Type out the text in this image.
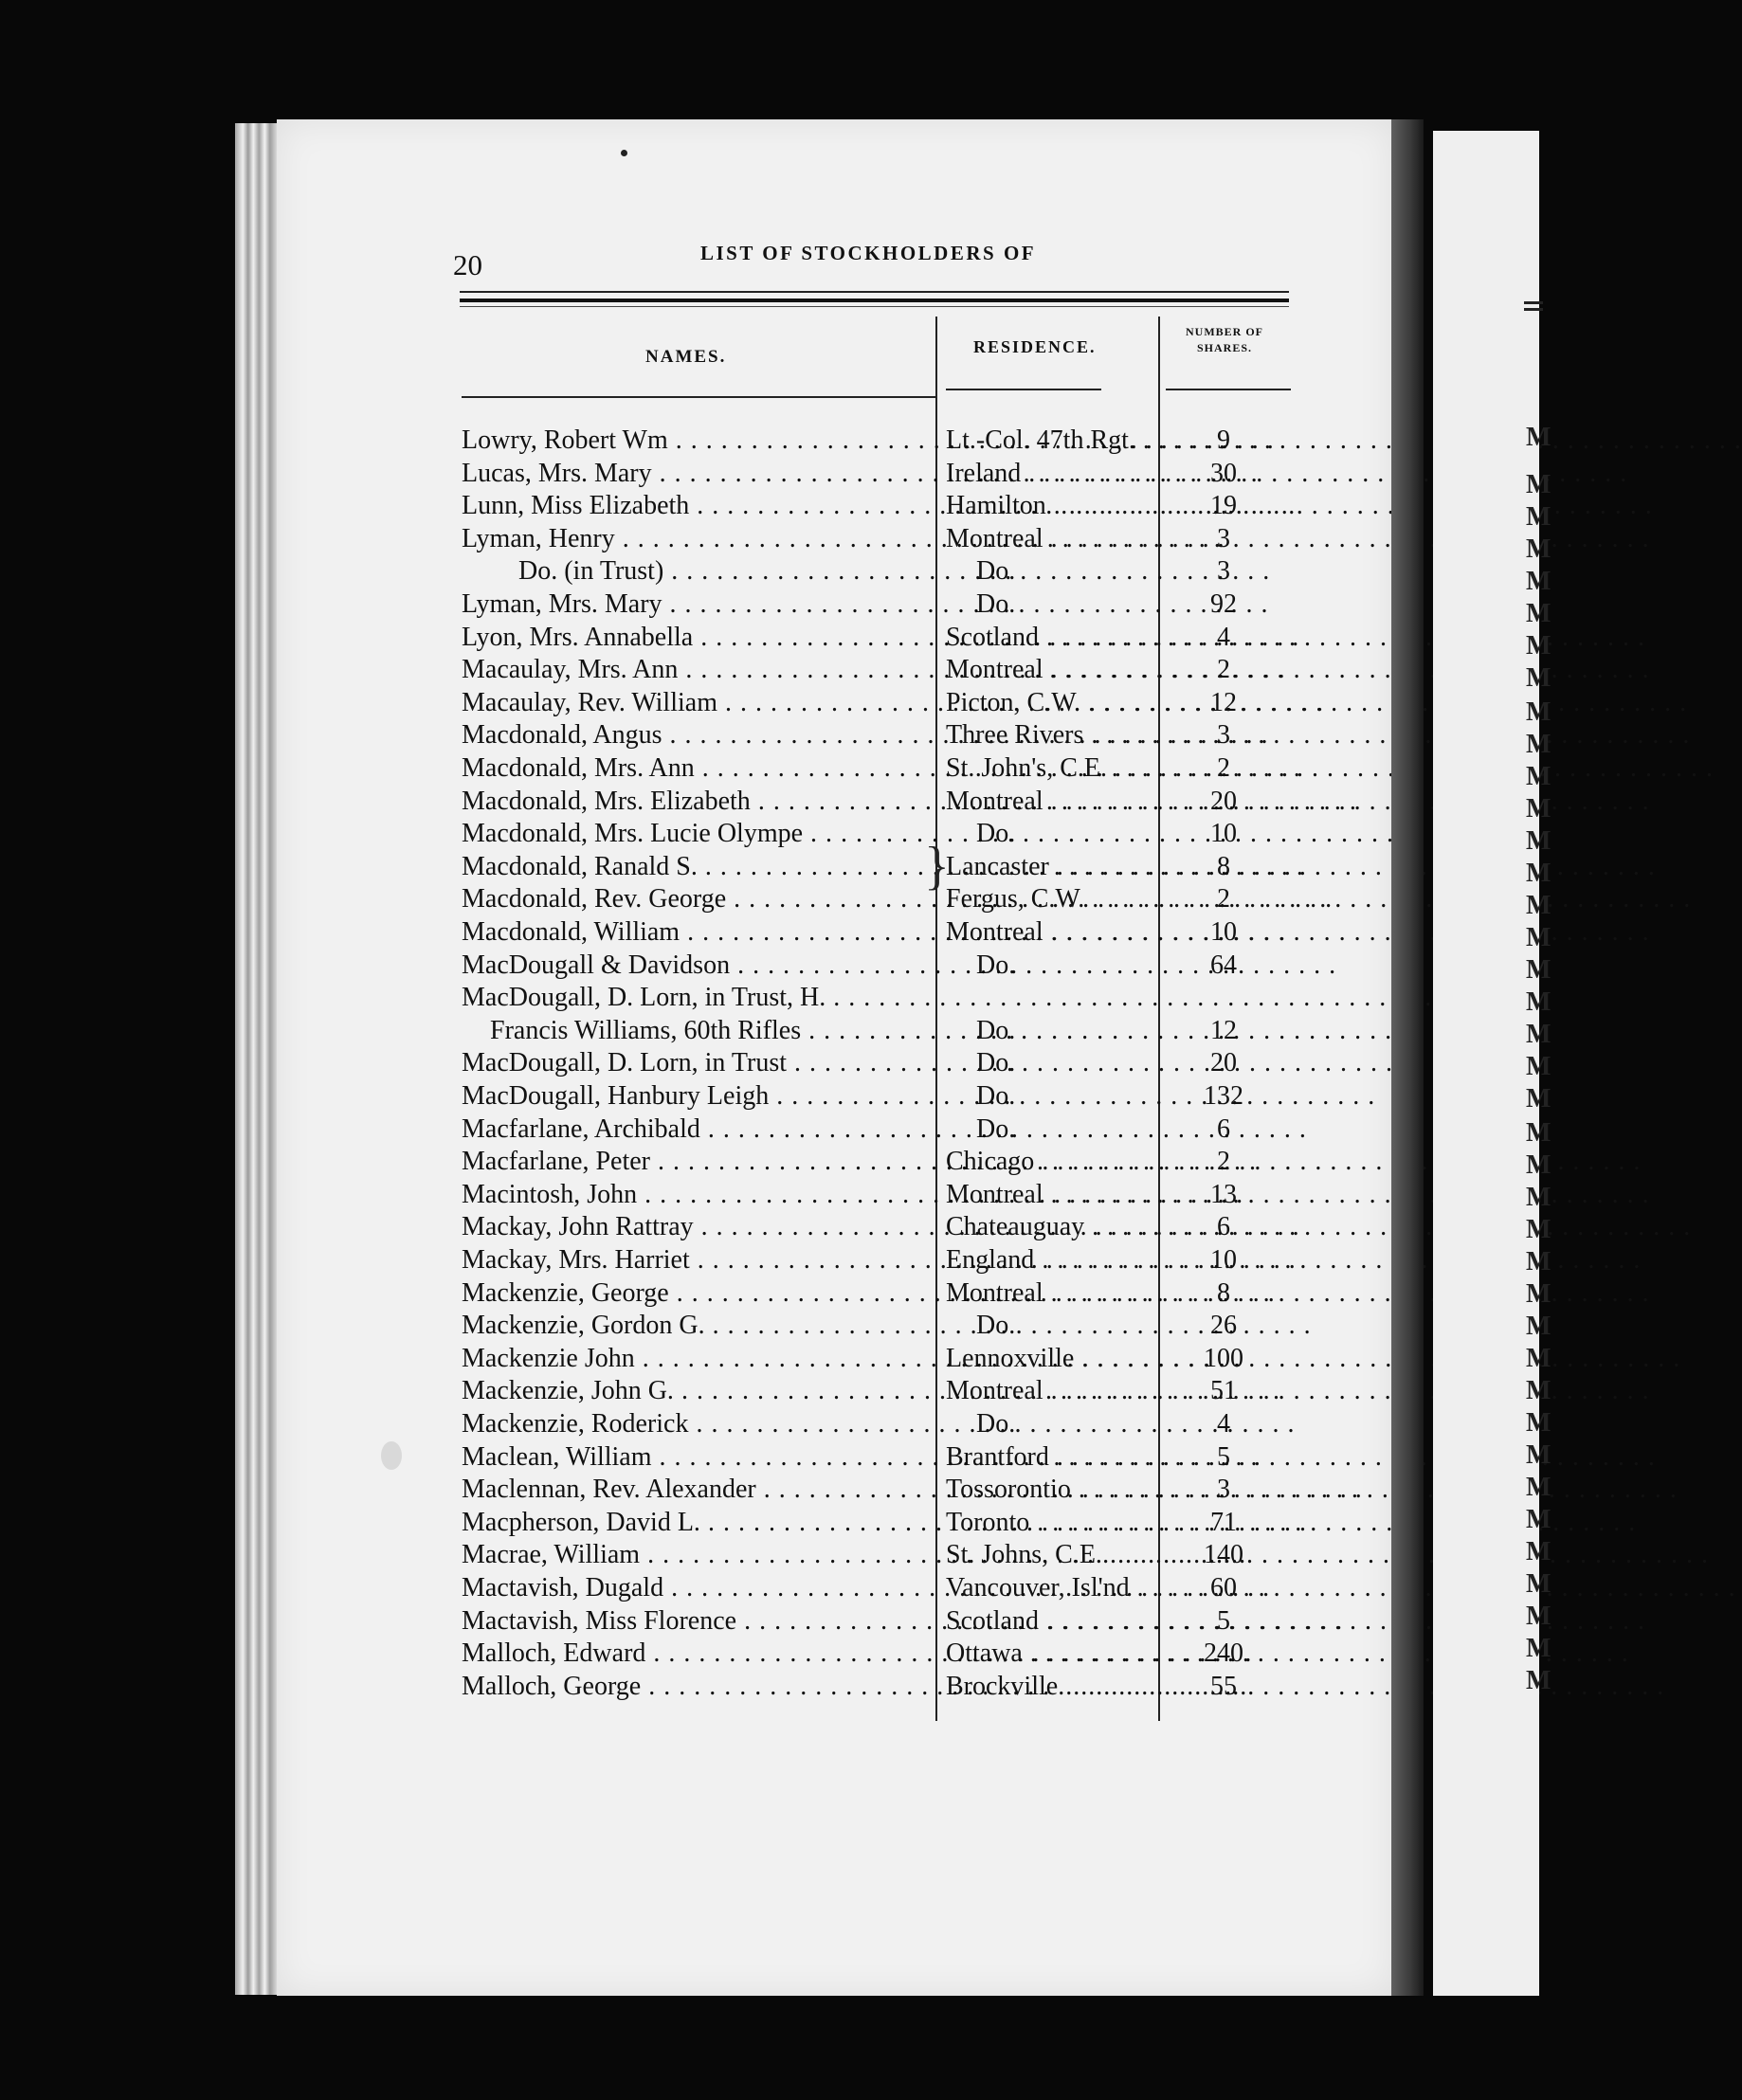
20	LIST OF STOCKHOLDERS OF
NAMES.	RESIDENCE.
NUMBER OF
SHARES.
Lowry, Robert Wm . . .	Lt.-Col. 47th Rgt. . . .	9
Lucas, Mrs. Mary . . .	Ireland . . .	30
Lunn, Miss Elizabeth . . .	Hamilton . . .	19
Lyman, Henry . . .	Montreal . . .	3
Do. (in Trust) . . .	Do.	3
Lyman, Mrs. Mary . . .	Do.	92
Lyon, Mrs. Annabella . . .	Scotland . . .	4
Macaulay, Mrs. Ann . . .	Montreal . . .	2
Macaulay, Rev. William . . .	Picton, C.W. . . .	12
Macdonald, Angus . . .	Three Rivers . . .	3
Macdonald, Mrs. Ann . . .	St. John's, C.E. . . .	2
Macdonald, Mrs. Elizabeth . . .	Montreal . . .	20
Macdonald, Mrs. Lucie Olympe . . .	Do.	10
Macdonald, Ranald S. . . .	Lancaster . . .	8
Macdonald, Rev. George . . .	Fergus, C.W. . . .	2
Macdonald, William . . .	Montreal . . .	10
MacDougall & Davidson . . .	Do.	64
MacDougall, D. Lorn, in Trust, H. . . .
Francis Williams, 60th Rifles . . .	Do.	12
MacDougall, D. Lorn, in Trust . . .	Do.	20
MacDougall, Hanbury Leigh . . .	Do.	132
Macfarlane, Archibald . . .	Do.	6
Macfarlane, Peter . . .	Chicago . . .	2
Macintosh, John . . .	Montreal . . .	13
Mackay, John Rattray . . .	Chateauguay . . .	6
Mackay, Mrs. Harriet . . .	England . . .	10
Mackenzie, George . . .	Montreal . . .	8
Mackenzie, Gordon G. . . .	Do.	26
Mackenzie John . . .	Lennoxville . . .	100
Mackenzie, John G. . . .	Montreal . . .	51
Mackenzie, Roderick . . .	Do.	4
Maclean, William . . .	Brantford . . .	5
Maclennan, Rev. Alexander . . .	Tossorontio . . .	3
Macpherson, David L. . . .	Toronto . . .	71
Macrae, William . . .	St. Johns, C.E. . . .	140
Mactavish, Dugald . . .	Vancouver, Isl'nd . . .	60
Mactavish, Miss Florence . . .	Scotland . . .	5
Malloch, Edward . . .	Ottawa . . .	240
Malloch, George . . .	Brockville . . .	55
}
M
M
M
M
M
M
M
M
M
M
M
M
M
M
M
M
M
M
M
M
M
M
M
M
M
M
M
M
M
M
M
M
M
M
M
M
M
M
M
